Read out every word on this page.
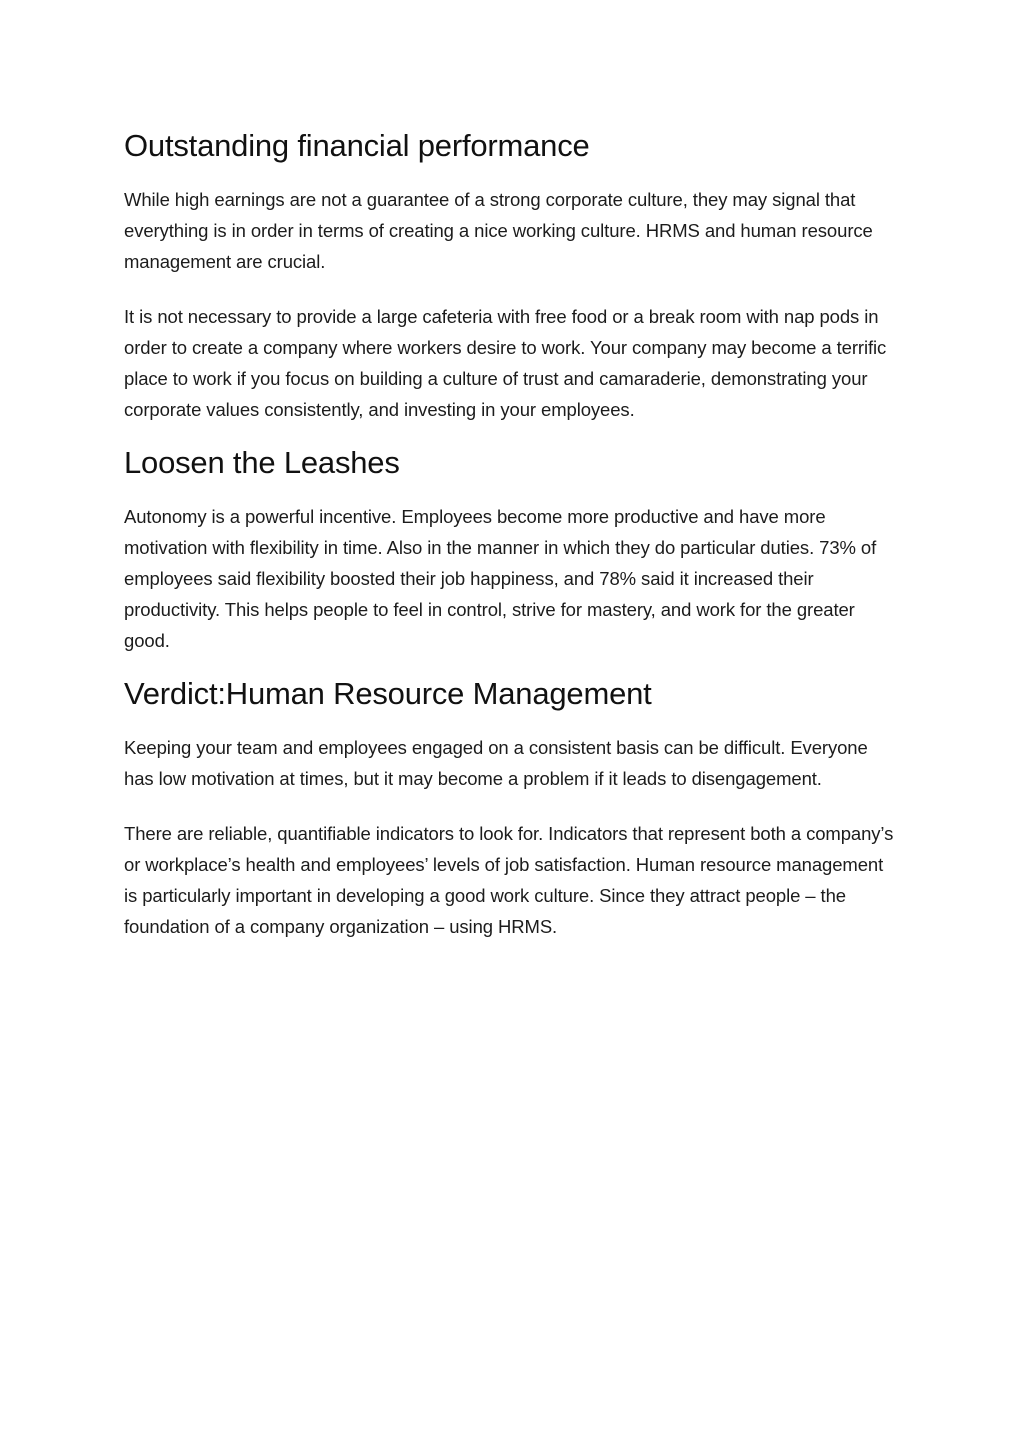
Outstanding financial performance

While high earnings are not a guarantee of a strong corporate culture, they may signal that everything is in order in terms of creating a nice working culture. HRMS and human resource management are crucial.

It is not necessary to provide a large cafeteria with free food or a break room with nap pods in order to create a company where workers desire to work. Your company may become a terrific place to work if you focus on building a culture of trust and camaraderie, demonstrating your corporate values consistently, and investing in your employees.

Loosen the Leashes

Autonomy is a powerful incentive. Employees become more productive and have more motivation with flexibility in time. Also in the manner in which they do particular duties. 73% of employees said flexibility boosted their job happiness, and 78% said it increased their productivity. This helps people to feel in control, strive for mastery, and work for the greater good.

Verdict:Human Resource Management

Keeping your team and employees engaged on a consistent basis can be difficult. Everyone has low motivation at times, but it may become a problem if it leads to disengagement.

There are reliable, quantifiable indicators to look for. Indicators that represent both a company’s or workplace’s health and employees’ levels of job satisfaction. Human resource management is particularly important in developing a good work culture. Since they attract people – the foundation of a company organization – using HRMS.
